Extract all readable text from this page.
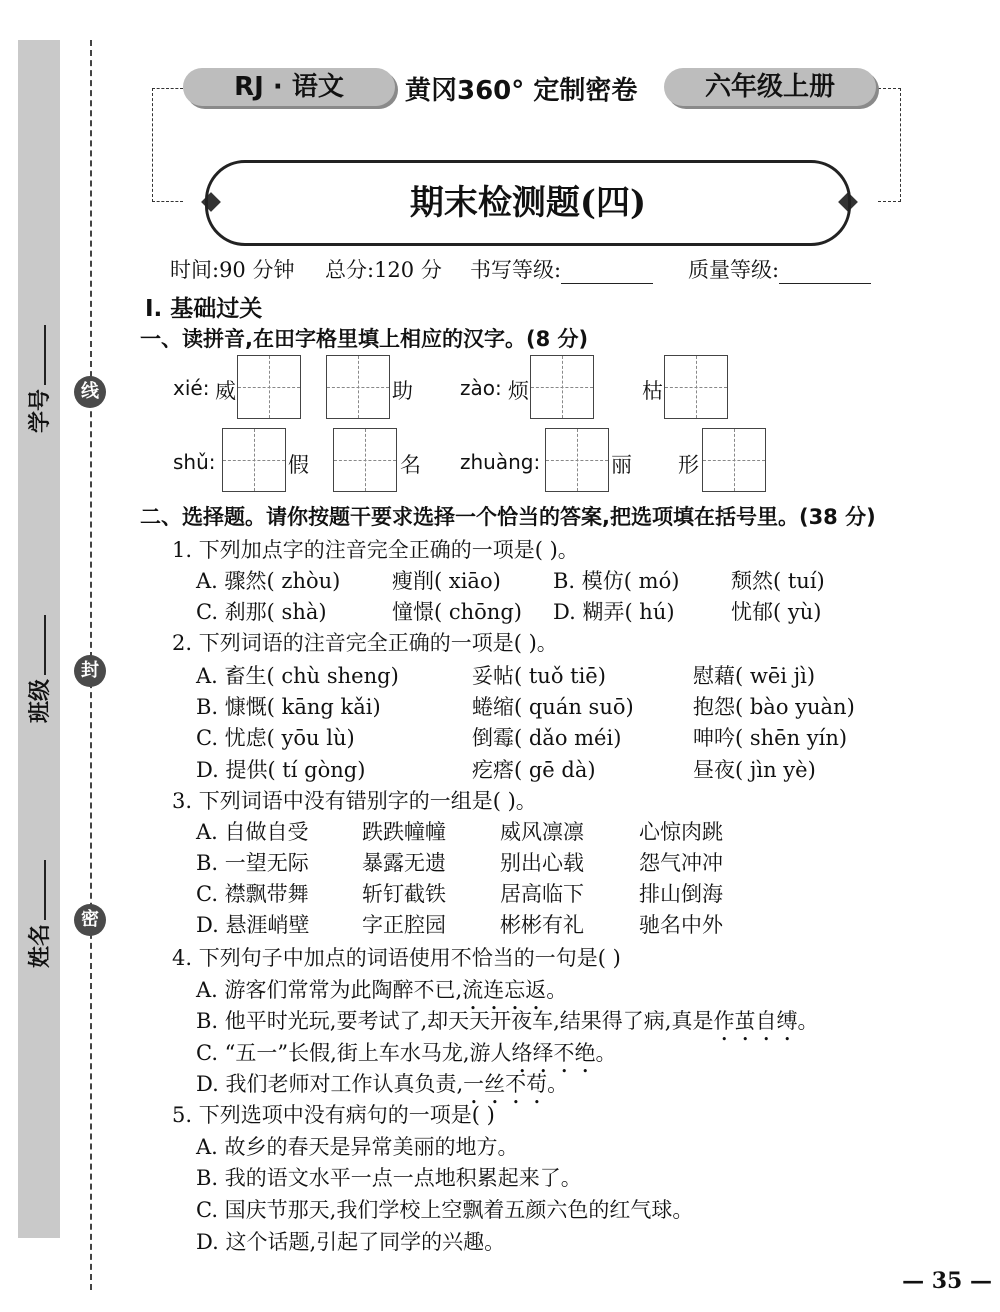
学号
班级
姓名
线
封
密
RJ · 语文	黄冈360° 定制密卷	六年级上册
期末检测题(四)
时间:90 分钟 总分:120 分 书写等级:	质量等级:
Ⅰ. 基础过关
一、读拼音,在田字格里填上相应的汉字。(8 分)
xié: 威	助 zào: 烦	枯
shǔ:	假	名 zhuàng:	丽 形
二、选择题。请你按题干要求选择一个恰当的答案,把选项填在括号里。(38 分)
1. 下列加点字的注音完全正确的一项是( )。
A. 骤然( zhòu) 瘦削( xiāo) B. 模仿( mó) 颓然( tuí)
C. 刹那( shà)	憧憬( chōng) D. 糊弄( hú)	忧郁( yù)
2. 下列词语的注音完全正确的一项是( )。
A. 畜生( chù sheng)	妥帖( tuǒ tiē)	慰藉( wēi jì)
B. 慷慨( kāng kǎi)	蜷缩( quán suō)	抱怨( bào yuàn)
C. 忧虑( yōu lù)	倒霉( dǎo méi)	呻吟( shēn yín)
D. 提供( tí gòng)	疙瘩( gē dà)	昼夜( jìn yè)
3. 下列词语中没有错别字的一组是( )。
A. 自做自受	跌跌幢幢	威风凛凛	心惊肉跳
B. 一望无际	暴露无遗	别出心载	怨气冲冲
C. 襟飘带舞	斩钉截铁	居高临下	排山倒海
D. 悬涯峭壁	字正腔园	彬彬有礼	驰名中外
4. 下列句子中加点的词语使用不恰当的一句是( )
A. 游客们常常为此陶醉不已,流连忘返。
B. 他平时光玩,要考试了,却天天开夜车,结果得了病,真是作茧自缚。
C. “五一”长假,街上车水马龙,游人络绎不绝。
D. 我们老师对工作认真负责,一丝不苟。
5. 下列选项中没有病句的一项是( )
A. 故乡的春天是异常美丽的地方。
B. 我的语文水平一点一点地积累起来了。
C. 国庆节那天,我们学校上空飘着五颜六色的红气球。
D. 这个话题,引起了同学的兴趣。
— 35 —
